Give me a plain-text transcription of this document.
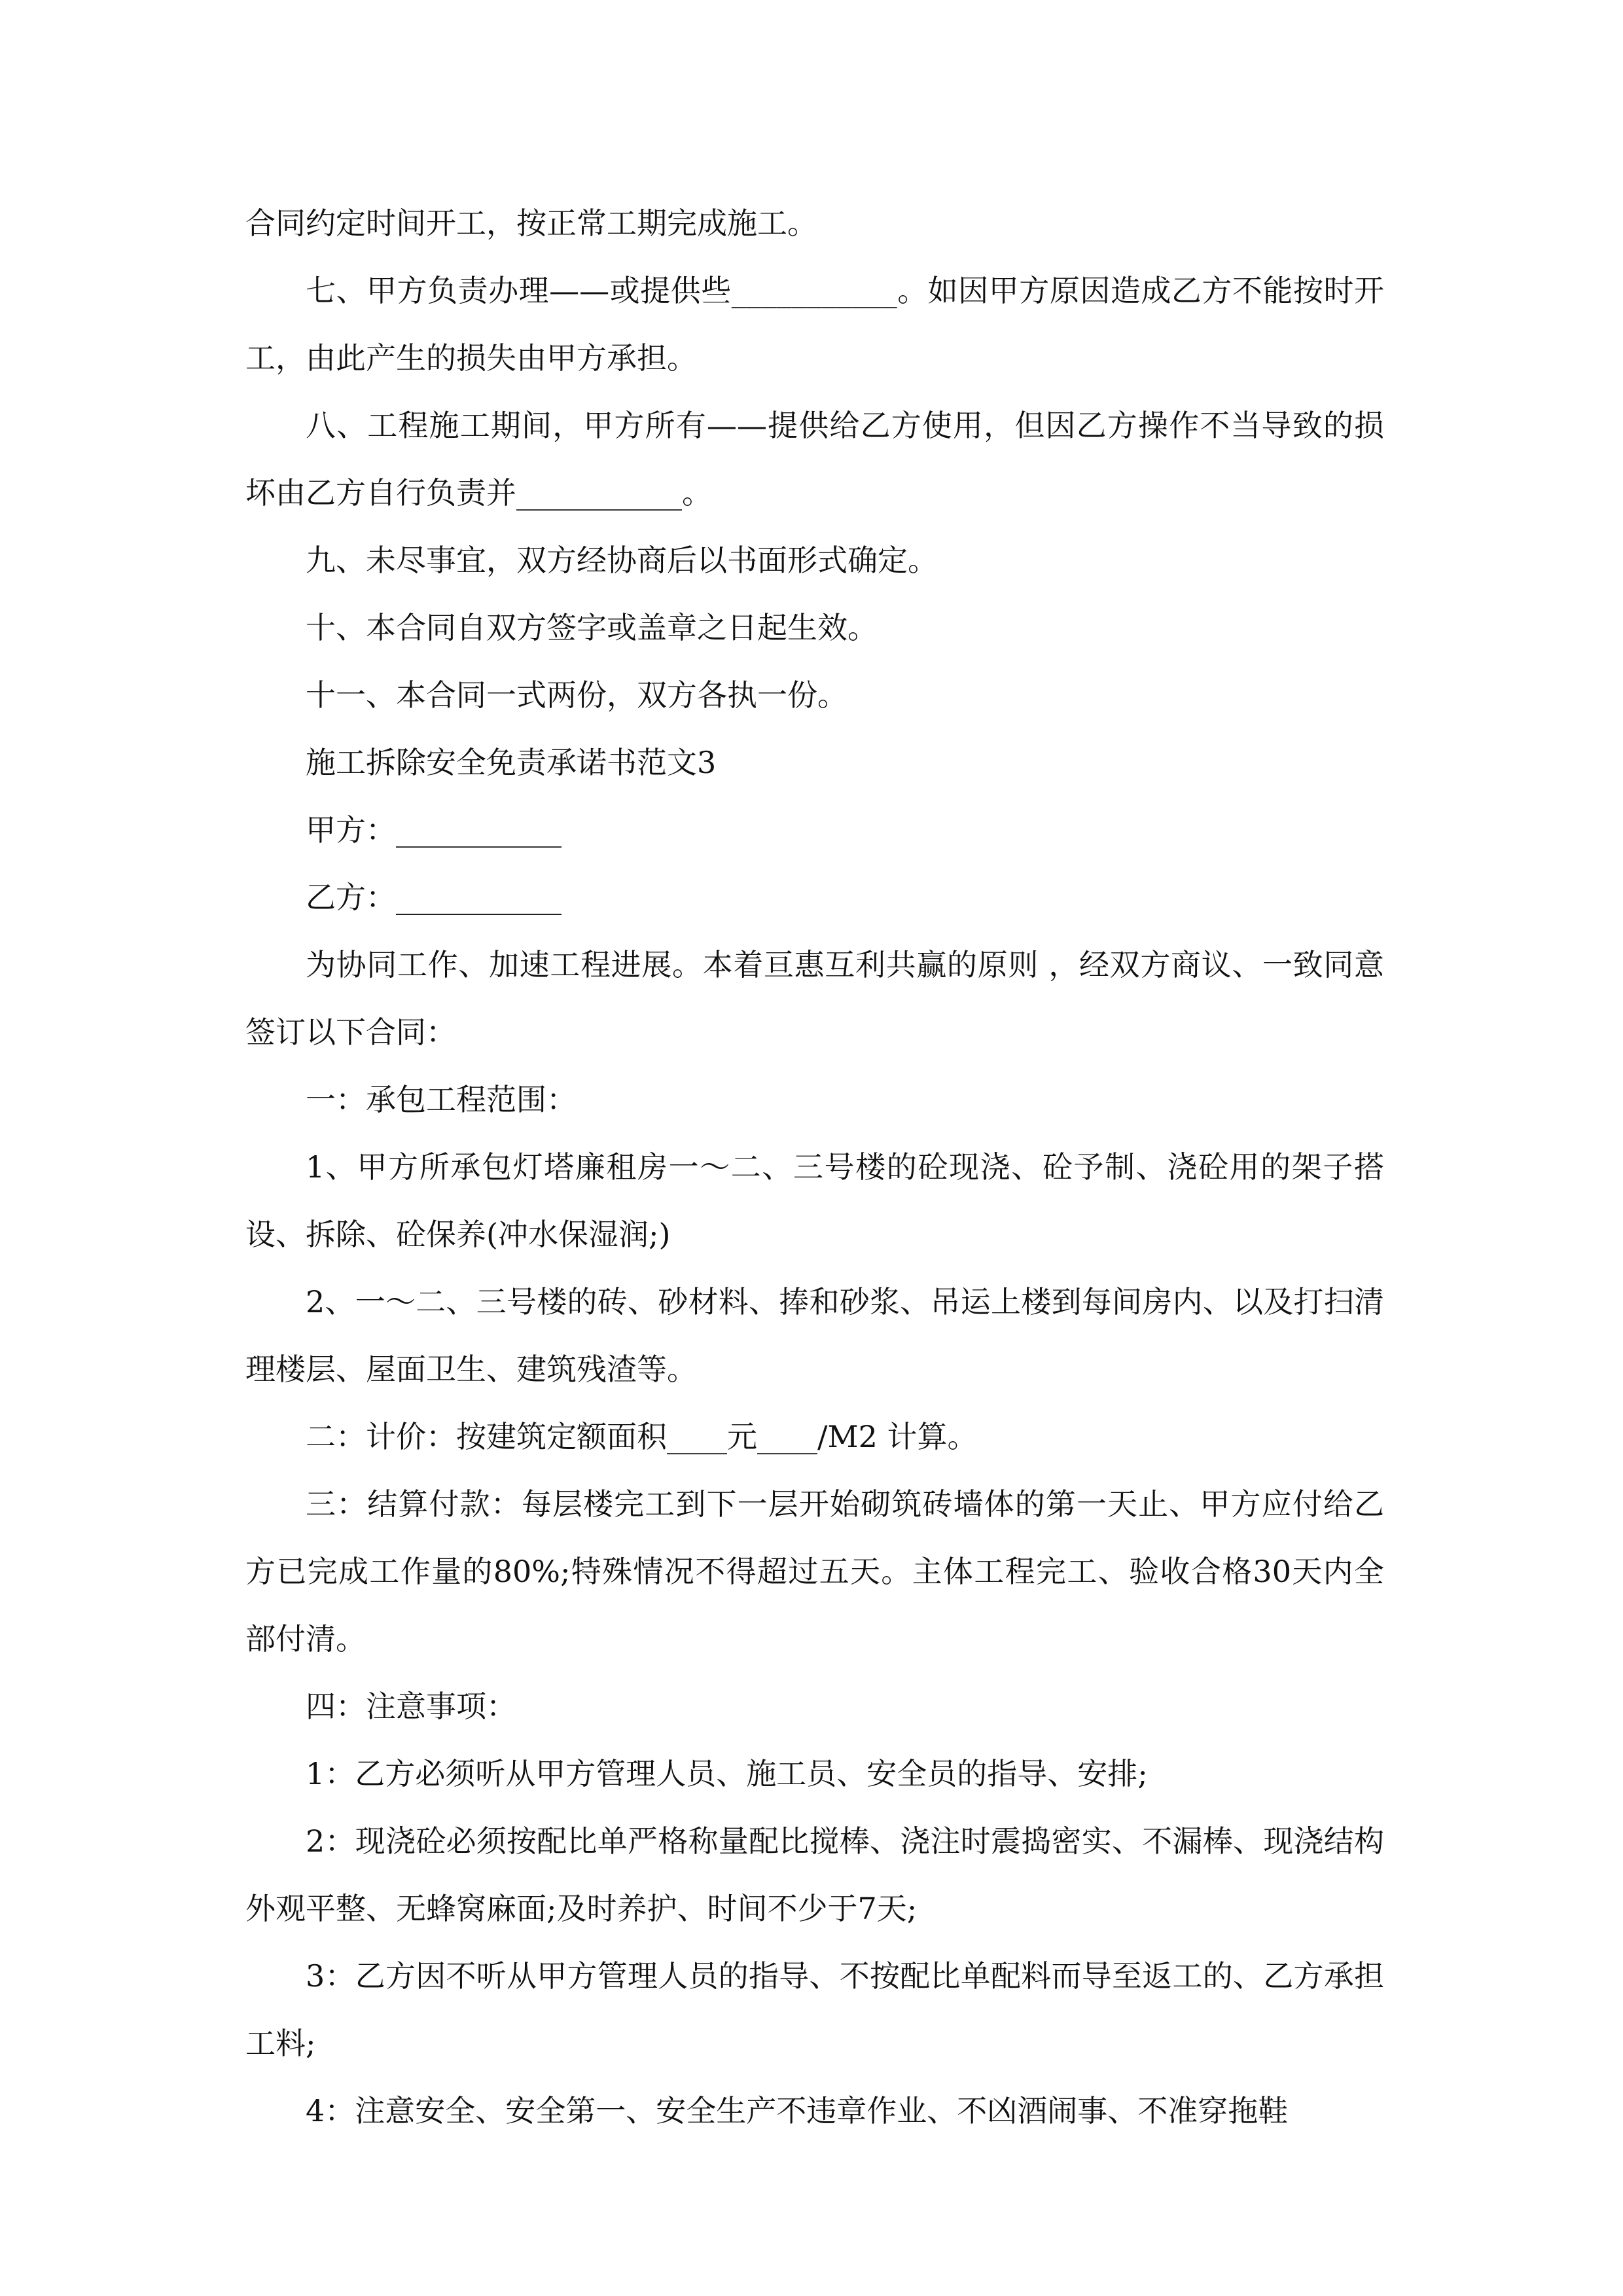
合同约定时间开工，按正常工期完成施工。

七、甲方负责办理——或提供些___________。如因甲方原因造成乙方不能按时开工，由此产生的损失由甲方承担。

八、工程施工期间，甲方所有——提供给乙方使用，但因乙方操作不当导致的损坏由乙方自行负责并___________。

九、未尽事宜，双方经协商后以书面形式确定。

十、本合同自双方签字或盖章之日起生效。

十一、本合同一式两份，双方各执一份。

施工拆除安全免责承诺书范文3

甲方：___________

乙方：___________

为协同工作、加速工程进展。本着亘惠互利共赢的原则 ，经双方商议、一致同意签订以下合同：

一：承包工程范围：

1、甲方所承包灯塔廉租房一～二、三号楼的砼现浇、砼予制、浇砼用的架子搭设、拆除、砼保养(冲水保湿润;)

2、一～二、三号楼的砖、砂材料、捧和砂浆、吊运上楼到每间房内、以及打扫清理楼层、屋面卫生、建筑残渣等。

二：计价：按建筑定额面积____元____/M2 计算。

三：结算付款：每层楼完工到下一层开始砌筑砖墙体的第一天止、甲方应付给乙方已完成工作量的80%;特殊情况不得超过五天。主体工程完工、验收合格30天内全部付清。

四：注意事项：

1：乙方必须听从甲方管理人员、施工员、安全员的指导、安排;

2：现浇砼必须按配比单严格称量配比搅棒、浇注时震捣密实、不漏棒、现浇结构外观平整、无蜂窝麻面;及时养护、时间不少于7天;

3：乙方因不听从甲方管理人员的指导、不按配比单配料而导至返工的、乙方承担工料;

4：注意安全、安全第一、安全生产不违章作业、不凶酒闹事、不准穿拖鞋
